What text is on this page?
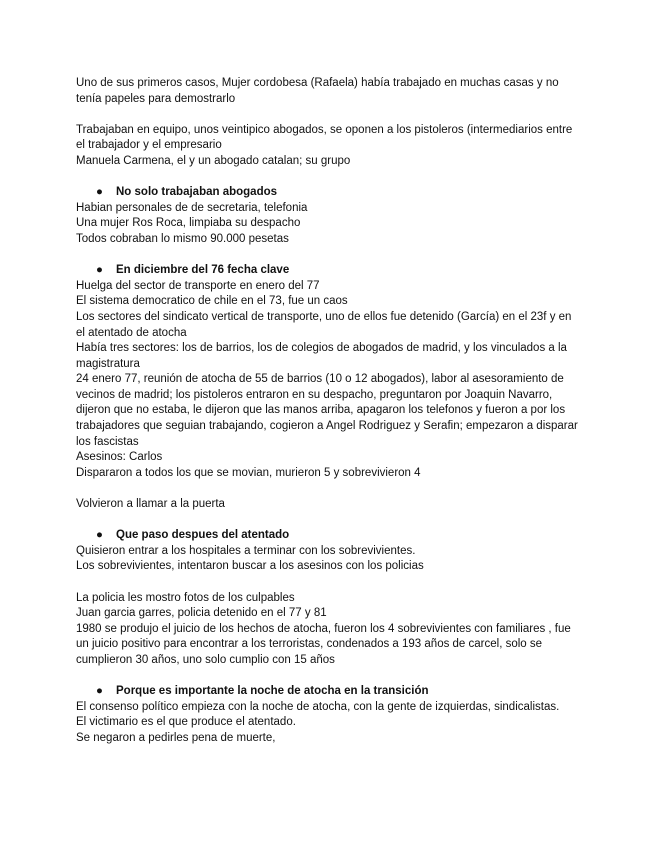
Uno de sus primeros casos, Mujer cordobesa (Rafaela) había trabajado en muchas casas y no tenía papeles para demostrarlo

Trabajaban en equipo, unos veintipico abogados, se oponen a los pistoleros (intermediarios entre el trabajador y el empresario

Manuela Carmena, el y un abogado catalan; su grupo

● No solo trabajaban abogados

Habian personales de de secretaria, telefonia

Una mujer Ros Roca, limpiaba su despacho

Todos cobraban lo mismo 90.000 pesetas

● En diciembre del 76 fecha clave

Huelga del sector de transporte en enero del 77

El sistema democratico de chile en el 73, fue un caos

Los sectores del sindicato vertical de transporte, uno de ellos fue detenido (García) en el 23f y en el atentado de atocha

Había tres sectores: los de barrios, los de colegios de abogados de madrid, y los vinculados a la magistratura

24 enero 77, reunión de atocha de 55 de barrios (10 o 12 abogados), labor al asesoramiento de vecinos de madrid; los pistoleros entraron en su despacho, preguntaron por Joaquin Navarro, dijeron que no estaba, le dijeron que las manos arriba, apagaron los telefonos y fueron a por los trabajadores que seguian trabajando, cogieron a Angel Rodriguez y Serafin; empezaron a disparar los fascistas

Asesinos: Carlos

Dispararon a todos los que se movian, murieron 5 y sobrevivieron 4

Volvieron a llamar a la puerta

● Que paso despues del atentado

Quisieron entrar a los hospitales a terminar con los sobrevivientes.

Los sobrevivientes, intentaron buscar a los asesinos con los policias

La policia les mostro fotos de los culpables

Juan garcia garres, policia detenido en el 77 y 81

1980 se produjo el juicio de los hechos de atocha, fueron los 4 sobrevivientes con familiares , fue un juicio positivo para encontrar a los terroristas, condenados a 193 años de carcel, solo se cumplieron 30 años, uno solo cumplio con 15 años

● Porque es importante la noche de atocha en la transición

El consenso político empieza con la noche de atocha, con la gente de izquierdas, sindicalistas.

El victimario es el que produce el atentado.

Se negaron a pedirles pena de muerte,
